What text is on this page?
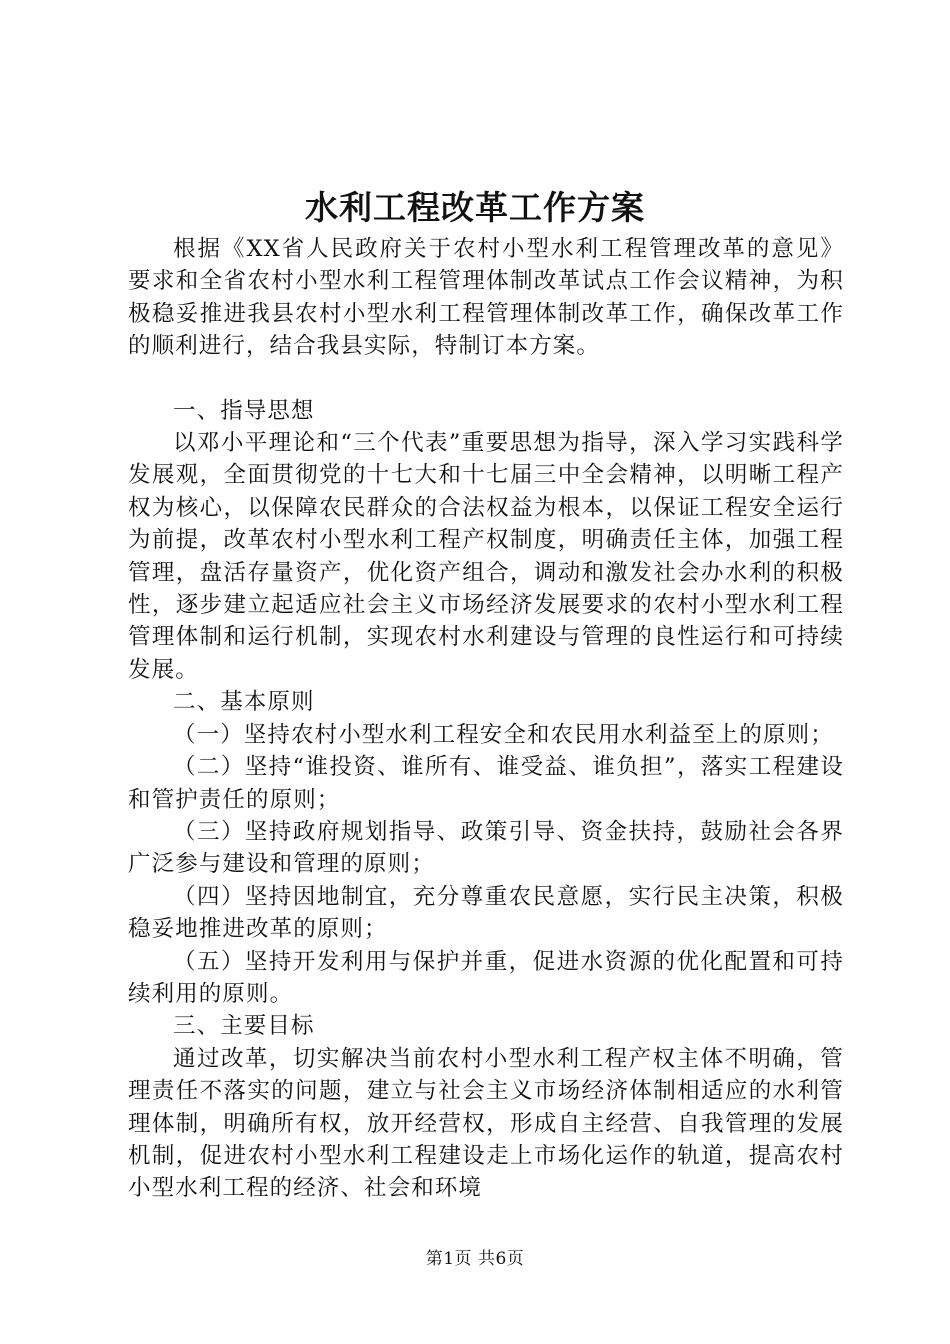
水利工程改革工作方案

根据《XX省人民政府关于农村小型水利工程管理改革的意见》要求和全省农村小型水利工程管理体制改革试点工作会议精神，为积极稳妥推进我县农村小型水利工程管理体制改革工作，确保改革工作的顺利进行，结合我县实际，特制订本方案。

一、指导思想

以邓小平理论和“三个代表”重要思想为指导，深入学习实践科学发展观，全面贯彻党的十七大和十七届三中全会精神，以明晰工程产权为核心，以保障农民群众的合法权益为根本，以保证工程安全运行为前提，改革农村小型水利工程产权制度，明确责任主体，加强工程管理，盘活存量资产，优化资产组合，调动和激发社会办水利的积极性，逐步建立起适应社会主义市场经济发展要求的农村小型水利工程管理体制和运行机制，实现农村水利建设与管理的良性运行和可持续发展。

二、基本原则

（一）坚持农村小型水利工程安全和农民用水利益至上的原则；

（二）坚持“谁投资、谁所有、谁受益、谁负担”，落实工程建设和管护责任的原则；

（三）坚持政府规划指导、政策引导、资金扶持，鼓励社会各界广泛参与建设和管理的原则；

（四）坚持因地制宜，充分尊重农民意愿，实行民主决策，积极稳妥地推进改革的原则；

（五）坚持开发利用与保护并重，促进水资源的优化配置和可持续利用的原则。

三、主要目标

通过改革，切实解决当前农村小型水利工程产权主体不明确，管理责任不落实的问题，建立与社会主义市场经济体制相适应的水利管理体制，明确所有权，放开经营权，形成自主经营、自我管理的发展机制，促进农村小型水利工程建设走上市场化运作的轨道，提高农村小型水利工程的经济、社会和环境

第1页 共6页
